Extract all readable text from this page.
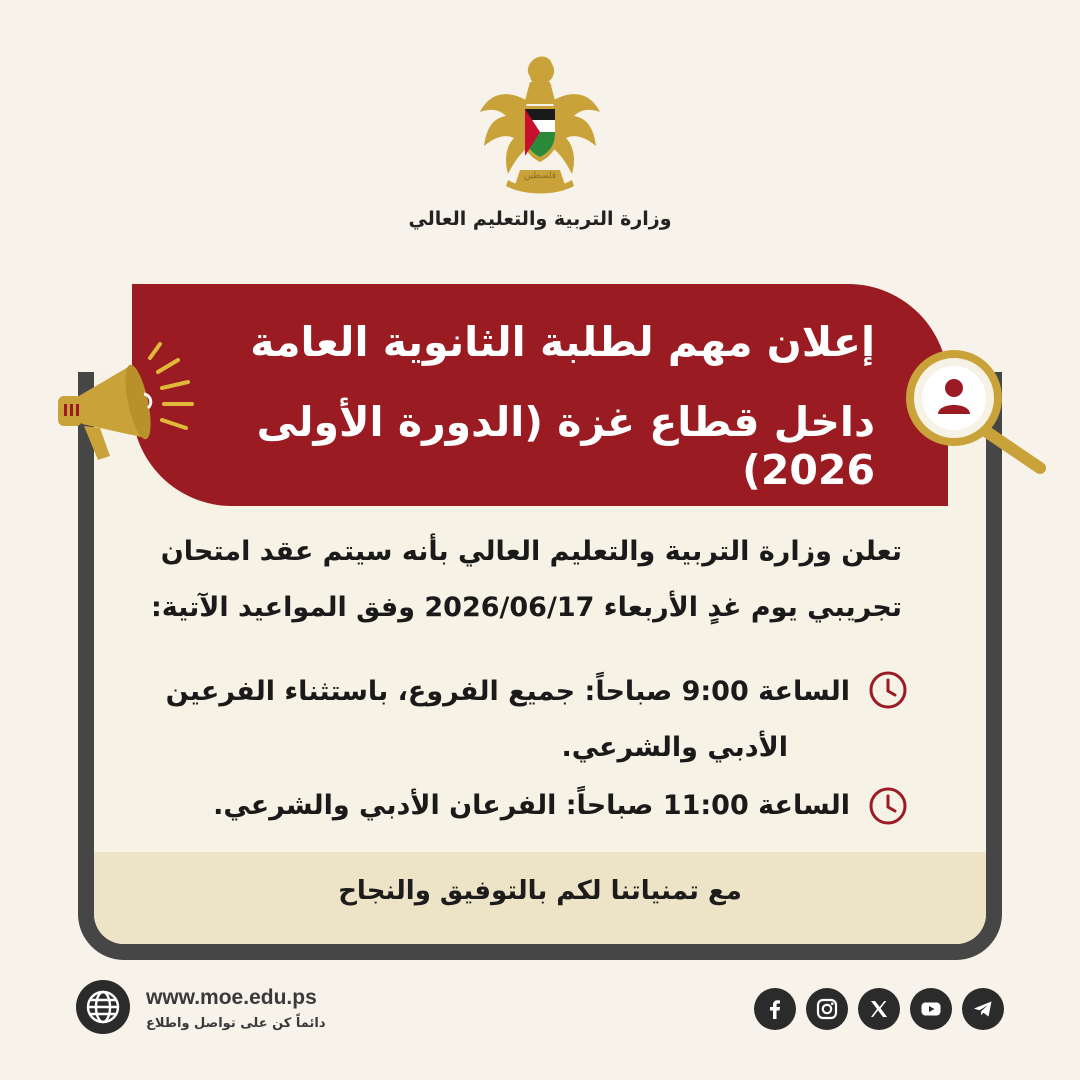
فلسطين
وزارة التربية والتعليم العالي
مع تمنياتنا لكم بالتوفيق والنجاح
إعلان مهم لطلبة الثانوية العامة
داخل قطاع غزة (الدورة الأولى 2026)
تعلن وزارة التربية والتعليم العالي بأنه سيتم عقد امتحان
تجريبي يوم غدٍ الأربعاء 2026/06/17 وفق المواعيد الآتية:
الساعة 9:00 صباحاً: جميع الفروع، باستثناء الفرعين
الأدبي والشرعي.
الساعة 11:00 صباحاً: الفرعان الأدبي والشرعي.
www.moe.edu.ps
دائماً كن على تواصل واطلاع
